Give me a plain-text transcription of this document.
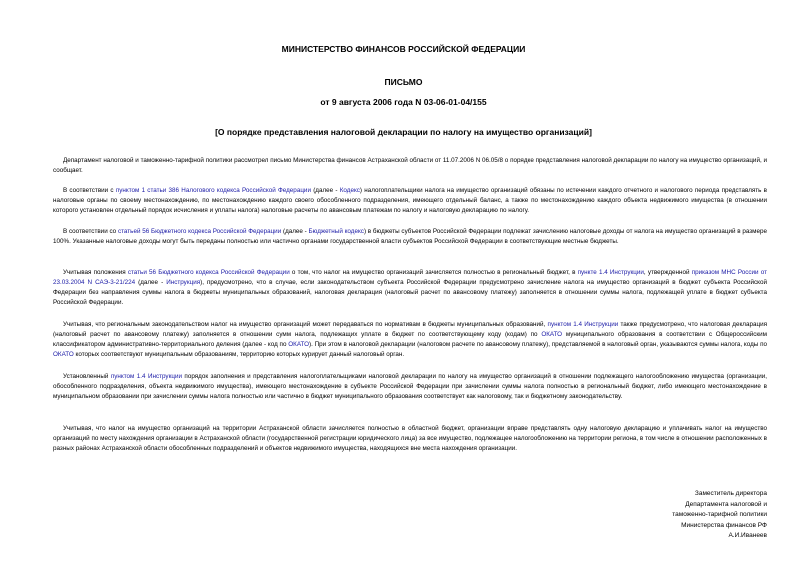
МИНИСТЕРСТВО ФИНАНСОВ РОССИЙСКОЙ ФЕДЕРАЦИИ
ПИСЬМО
от 9 августа 2006 года N 03-06-01-04/155
[О порядке представления налоговой декларации по налогу на имущество организаций]

Департамент налоговой и таможенно-тарифной политики рассмотрел письмо Министерства финансов Астраханской области от 11.07.2006 N 06.05/8 о порядке представления налоговой декларации по налогу на имущество организаций, и сообщает.

В соответствии с пунктом 1 статьи 386 Налогового кодекса Российской Федерации (далее - Кодекс) налогоплательщики налога на имущество организаций обязаны по истечении каждого отчетного и налогового периода представлять в налоговые органы по своему местонахождению, по местонахождению каждого своего обособленного подразделения, имеющего отдельный баланс, а также по местонахождению каждого объекта недвижимого имущества (в отношении которого установлен отдельный порядок исчисления и уплаты налога) налоговые расчеты по авансовым платежам по налогу и налоговую декларацию по налогу.

В соответствии со статьей 56 Бюджетного кодекса Российской Федерации (далее - Бюджетный кодекс) в бюджеты субъектов Российской Федерации подлежат зачислению налоговые доходы от налога на имущество организаций в размере 100%. Указанные налоговые доходы могут быть переданы полностью или частично органами государственной власти субъектов Российской Федерации в соответствующие местные бюджеты.

Учитывая положения статьи 56 Бюджетного кодекса Российской Федерации о том, что налог на имущество организаций зачисляется полностью в региональный бюджет, в пункте 1.4 Инструкции, утвержденной приказом МНС России от 23.03.2004 N САЭ-3-21/224 (далее - Инструкция), предусмотрено, что в случае, если законодательством субъекта Российской Федерации предусмотрено зачисление налога на имущество организаций в бюджет субъекта Российской Федерации без направления суммы налога в бюджеты муниципальных образований, налоговая декларация (налоговый расчет по авансовому платежу) заполняется в отношении суммы налога, подлежащей уплате в бюджет субъекта Российской Федерации.

Учитывая, что региональным законодательством налог на имущество организаций может передаваться по нормативам в бюджеты муниципальных образований, пунктом 1.4 Инструкции также предусмотрено, что налоговая декларация (налоговый расчет по авансовому платежу) заполняется в отношении сумм налога, подлежащих уплате в бюджет по соответствующему коду (кодам) по ОКАТО муниципального образования в соответствии с Общероссийским классификатором административно-территориального деления (далее - код по ОКАТО). При этом в налоговой декларации (налоговом расчете по авансовому платежу), представляемой в налоговый орган, указываются суммы налога, коды по ОКАТО которых соответствуют муниципальным образованиям, территорию которых курирует данный налоговый орган.

Установленный пунктом 1.4 Инструкции порядок заполнения и представления налогоплательщиками налоговой декларации по налогу на имущество организаций в отношении подлежащего налогообложению имущества (организации, обособленного подразделения, объекта недвижимого имущества), имеющего местонахождение в субъекте Российской Федерации при зачислении суммы налога полностью в региональный бюджет, либо имеющего местонахождение в муниципальном образовании при зачислении суммы налога полностью или частично в бюджет муниципального образования соответствует как налоговому, так и бюджетному законодательству.

Учитывая, что налог на имущество организаций на территории Астраханской области зачисляется полностью в областной бюджет, организации вправе представлять одну налоговую декларацию и уплачивать налог на имущество организаций по месту нахождения организации в Астраханской области (государственной регистрации юридического лица) за все имущество, подлежащее налогообложению на территории региона, в том числе в отношении расположенных в разных районах Астраханской области обособленных подразделений и объектов недвижимого имущества, находящихся вне места нахождения организации.

Заместитель директора
Департамента налоговой и
таможенно-тарифной политики
Министерства финансов РФ
А.И.Иванеев
